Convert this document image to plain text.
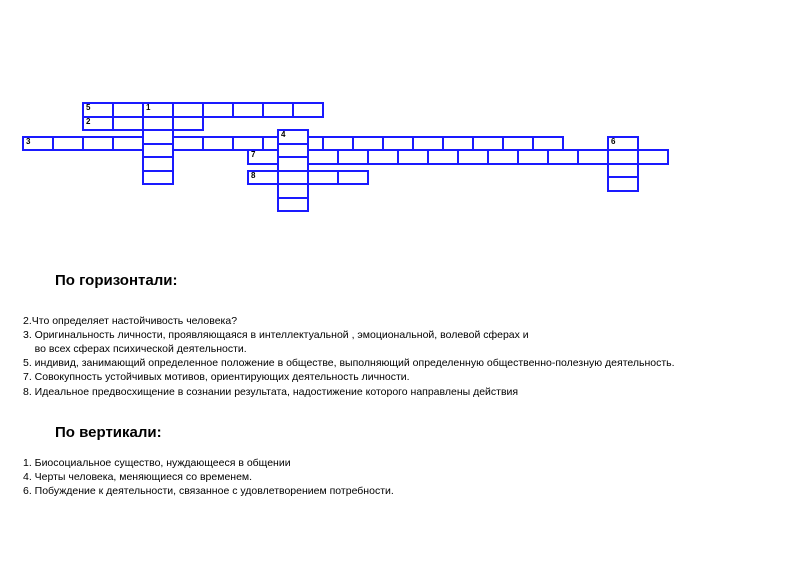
5	1
2
3
7
8
4
6
По горизонтали:

2.Что определяет настойчивость человека?

3. Оригинальность личности, проявляющаяся в интеллектуальной , эмоциональной, волевой сферах и

во всех сферах психической деятельности.

5. индивид, занимающий определенное положение в обществе, выполняющий определенную общественно-полезную деятельность.

7. Совокупность устойчивых мотивов, ориентирующих деятельность личности.

8. Идеальное предвосхищение в сознании результата, надостижение которого направлены действия

По вертикали:

1. Биосоциальное существо, нуждающееся в общении

4. Черты человека, меняющиеся со временем.

6. Побуждение к деятельности, связанное с удовлетворением потребности.
